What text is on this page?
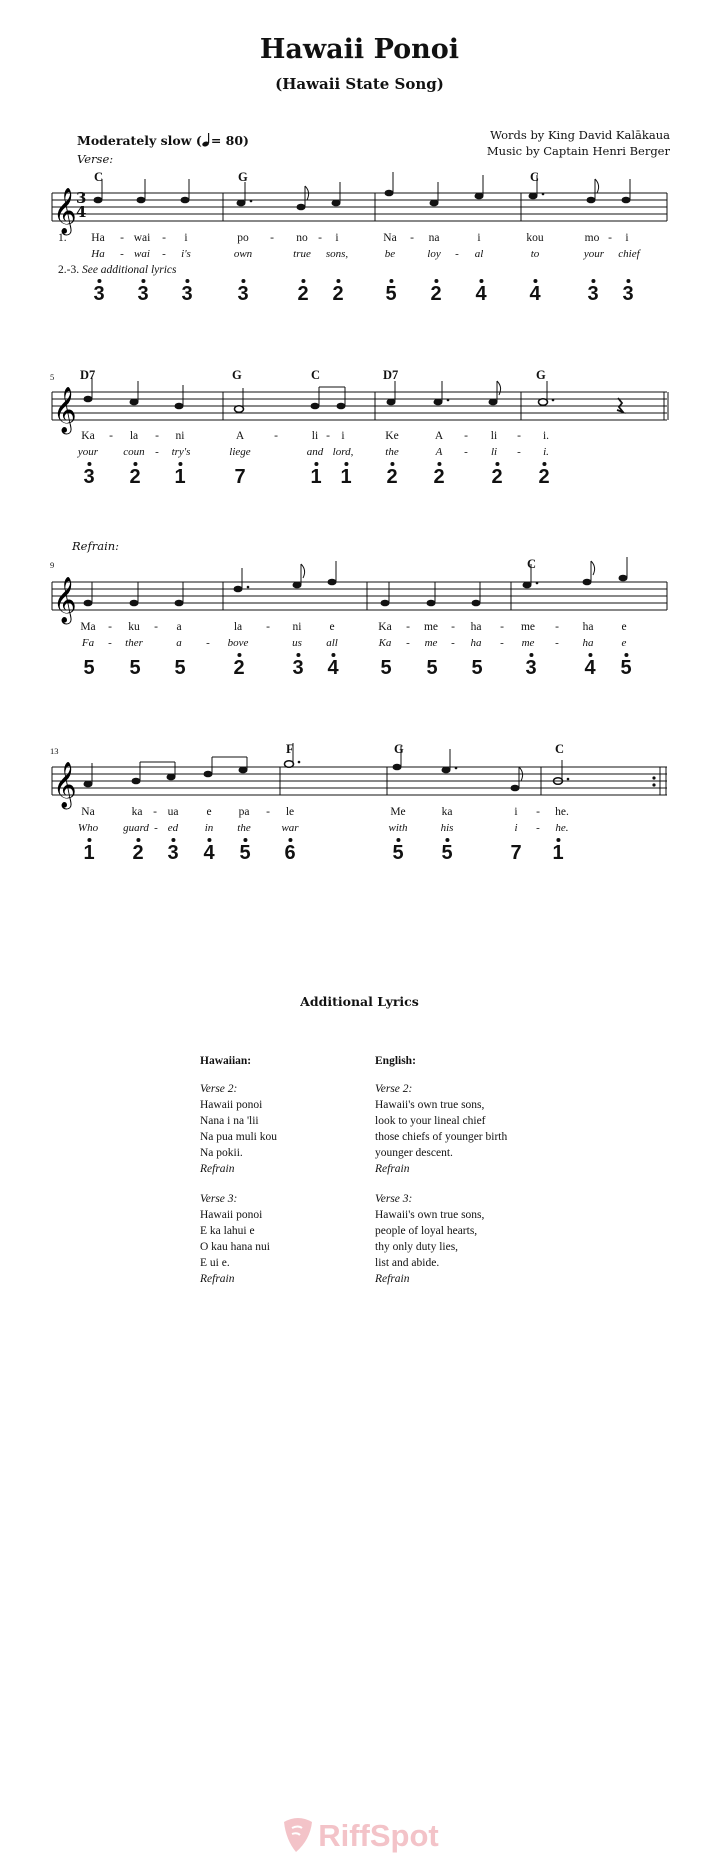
Hawaii Ponoi
(Hawaii State Song)
Moderately slow ( = 80)
Verse:
Words by King David Kalākaua
Music by Captain Henri Berger
𝄞 3
4
C	G	C
1.
2.-3. See additional lyrics
Ha - wai - i	po - no - i	Na - na	i	kou	mo - i
Ha - wai - i's	own	true sons,	be	loy - al	to	your chief
3 3 3 3 2 2 5 2 4 4 3 3
5
𝄞
D7	G	C	D7	G
Ka - la - ni	A	-	li - i	Ke	A - li - i.
your coun - try's	liege	and lord,	the	A - li - i.
3 2 1 7	1 1 2 2 2 2
Refrain:
9
𝄞
C
Ma - ku - a	la - ni e	Ka - me - ha - me - ha e
Fa - ther	a - bove	us all	Ka - me - ha - me - ha	e
5 5 5 2 3 4 5 5 5 3 4 5
13
𝄞
F	G	C
Na	ka - ua e pa - le	Me	ka	i - he.
Who guard - ed in the	war	with	his	i - he.
1 2 3 4 5 6	5 5	7 1
Additional Lyrics
Hawaiian:
Verse 2:
Hawaii ponoi
Nana i na 'lii
Na pua muli kou
Na pokii.
Refrain
Verse 3:
Hawaii ponoi
E ka lahui e
O kau hana nui
E ui e.
Refrain
English:
Verse 2:
Hawaii's own true sons,
look to your lineal chief
those chiefs of younger birth
younger descent.
Refrain
Verse 3:
Hawaii's own true sons,
people of loyal hearts,
thy only duty lies,
list and abide.
Refrain
RiffSpot
